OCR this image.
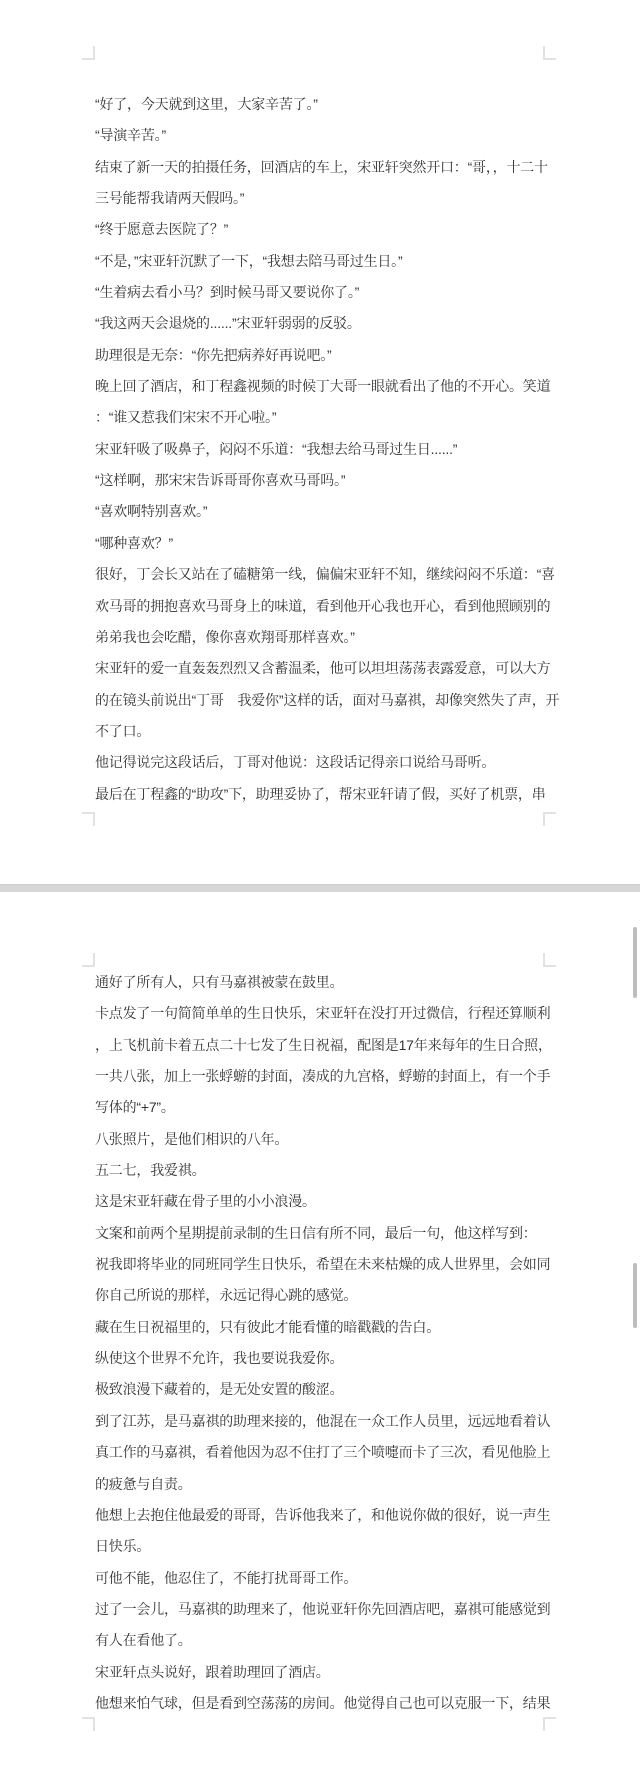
“好了，今天就到这里，大家辛苦了。”
“导演辛苦。”
结束了新一天的拍摄任务，回酒店的车上，宋亚轩突然开口：“哥，，十二十
三号能帮我请两天假吗。”
“终于愿意去医院了？”
“不是，”宋亚轩沉默了一下，“我想去陪马哥过生日。”
“生着病去看小马？到时候马哥又要说你了。”
“我这两天会退烧的......”宋亚轩弱弱的反驳。
助理很是无奈：“你先把病养好再说吧。”
晚上回了酒店，和丁程鑫视频的时候丁大哥一眼就看出了他的不开心。笑道
：“谁又惹我们宋宋不开心啦。”
宋亚轩吸了吸鼻子，闷闷不乐道：“我想去给马哥过生日......”
“这样啊，那宋宋告诉哥哥你喜欢马哥吗。”
“喜欢啊特别喜欢。”
“哪种喜欢？”
很好，丁会长又站在了磕糖第一线，偏偏宋亚轩不知，继续闷闷不乐道：“喜
欢马哥的拥抱喜欢马哥身上的味道，看到他开心我也开心，看到他照顾别的
弟弟我也会吃醋，像你喜欢翔哥那样喜欢。”
宋亚轩的爱一直轰轰烈烈又含蓄温柔，他可以坦坦荡荡表露爱意，可以大方
的在镜头前说出“丁哥　我爱你”这样的话，面对马嘉祺，却像突然失了声，开
不了口。
他记得说完这段话后，丁哥对他说：这段话记得亲口说给马哥听。
最后在丁程鑫的“助攻”下，助理妥协了，帮宋亚轩请了假，买好了机票，串
通好了所有人，只有马嘉祺被蒙在鼓里。
卡点发了一句简简单单的生日快乐，宋亚轩在没打开过微信，行程还算顺利
，上飞机前卡着五点二十七发了生日祝福，配图是17年来每年的生日合照，
一共八张，加上一张蜉蝣的封面，凑成的九宫格，蜉蝣的封面上，有一个手
写体的“+7”。
八张照片，是他们相识的八年。
五二七，我爱祺。
这是宋亚轩藏在骨子里的小小浪漫。
文案和前两个星期提前录制的生日信有所不同，最后一句，他这样写到：
祝我即将毕业的同班同学生日快乐，希望在未来枯燥的成人世界里，会如同
你自己所说的那样，永远记得心跳的感觉。
藏在生日祝福里的，只有彼此才能看懂的暗戳戳的告白。
纵使这个世界不允许，我也要说我爱你。
极致浪漫下藏着的，是无处安置的酸涩。
到了江苏，是马嘉祺的助理来接的，他混在一众工作人员里，远远地看着认
真工作的马嘉祺，看着他因为忍不住打了三个喷嚏而卡了三次，看见他脸上
的疲惫与自责。
他想上去抱住他最爱的哥哥，告诉他我来了，和他说你做的很好，说一声生
日快乐。
可他不能，他忍住了，不能打扰哥哥工作。
过了一会儿，马嘉祺的助理来了，他说亚轩你先回酒店吧，嘉祺可能感觉到
有人在看他了。
宋亚轩点头说好，跟着助理回了酒店。
他想来怕气球，但是看到空荡荡的房间。他觉得自己也可以克服一下，结果
